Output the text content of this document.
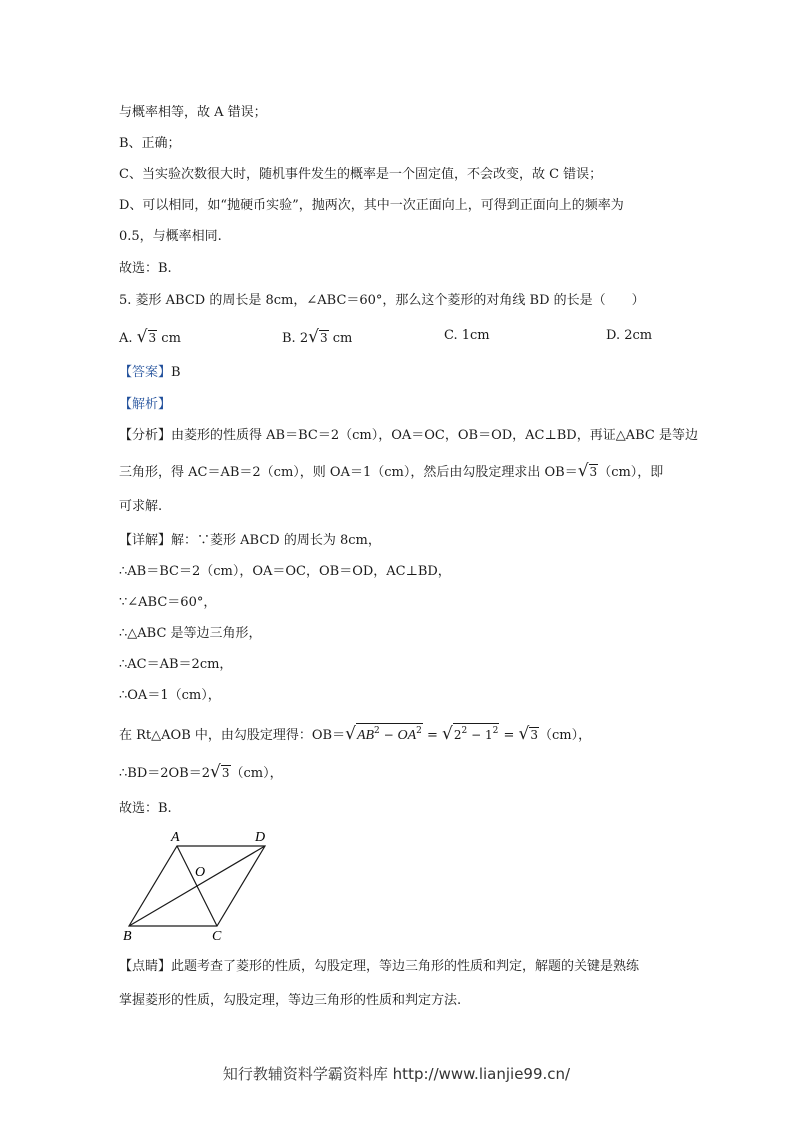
与概率相等，故 A 错误；
B、正确；
C、当实验次数很大时，随机事件发生的概率是一个固定值，不会改变，故 C 错误；
D、可以相同，如“抛硬币实验”，抛两次，其中一次正面向上，可得到正面向上的频率为
0.5，与概率相同.
故选：B.
5. 菱形 ABCD 的周长是 8cm，∠ABC＝60°，那么这个菱形的对角线 BD 的长是（　　）
A. √ 3 cm	B. 2 √ 3 cm	C. 1cm	D. 2cm
【答案】B
【解析】
【分析】由菱形的性质得 AB＝BC＝2（cm），OA＝OC，OB＝OD，AC⊥BD，再证△ABC 是等边
三角形，得 AC＝AB＝2（cm），则 OA＝1（cm），然后由勾股定理求出 OB＝ √ 3 （cm），即
可求解.
【详解】解：∵菱形 ABCD 的周长为 8cm，
∴AB＝BC＝2（cm），OA＝OC，OB＝OD，AC⊥BD，
∵∠ABC＝60°，
∴△ABC 是等边三角形，
∴AC＝AB＝2cm，
∴OA＝1（cm），
在 Rt△AOB 中，由勾股定理得：OB＝ √ $AB^2 - OA^2$ = √ $2^2 - 1^2$ = √ 3 （cm），
∴BD＝2OB＝2 √ 3 （cm），
故选：B.
A	D
O
B	C
【点睛】此题考查了菱形的性质，勾股定理，等边三角形的性质和判定，解题的关键是熟练
掌握菱形的性质，勾股定理，等边三角形的性质和判定方法.
知行教辅资料学霸资料库 http://www.lianjie99.cn/
